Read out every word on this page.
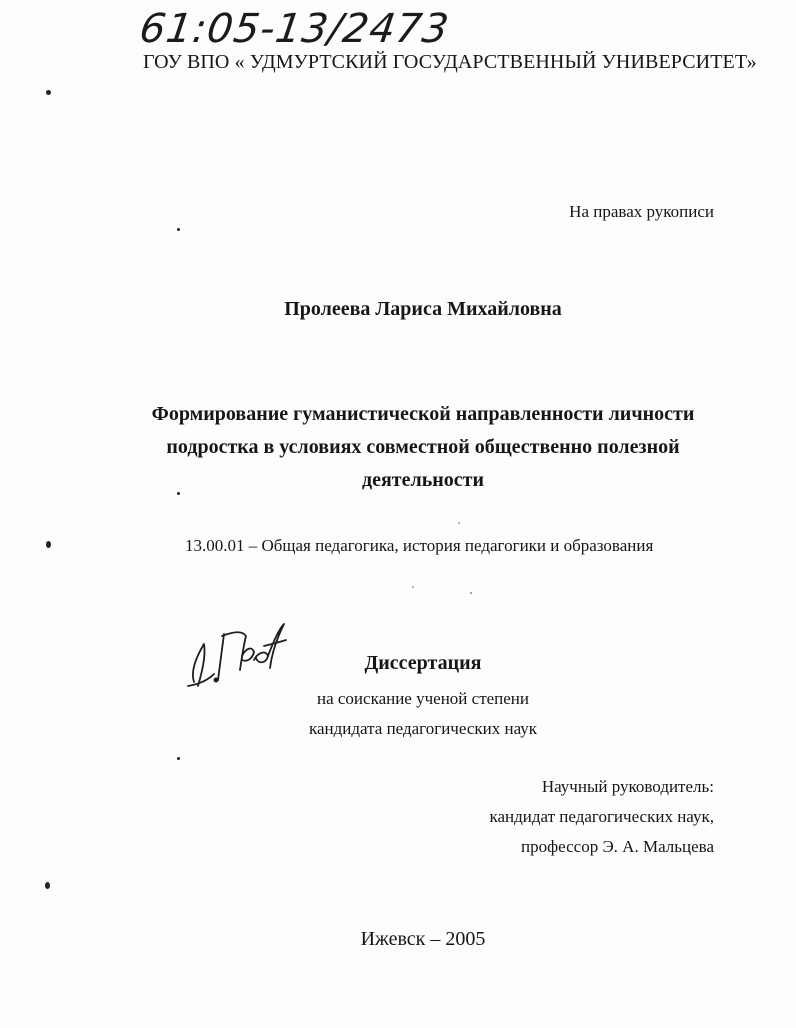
61:05-13/2473
ГОУ ВПО « УДМУРТСКИЙ ГОСУДАРСТВЕННЫЙ УНИВЕРСИТЕТ»
На правах рукописи
Пролеева Лариса Михайловна
Формирование гуманистической направленности личности
подростка в условиях совместной общественно полезной
деятельности
13.00.01 – Общая педагогика, история педагогики и образования
Диссертация
на соискание ученой степени
кандидата педагогических наук
Научный руководитель:
кандидат педагогических наук,
профессор Э. А. Мальцева
Ижевск – 2005
